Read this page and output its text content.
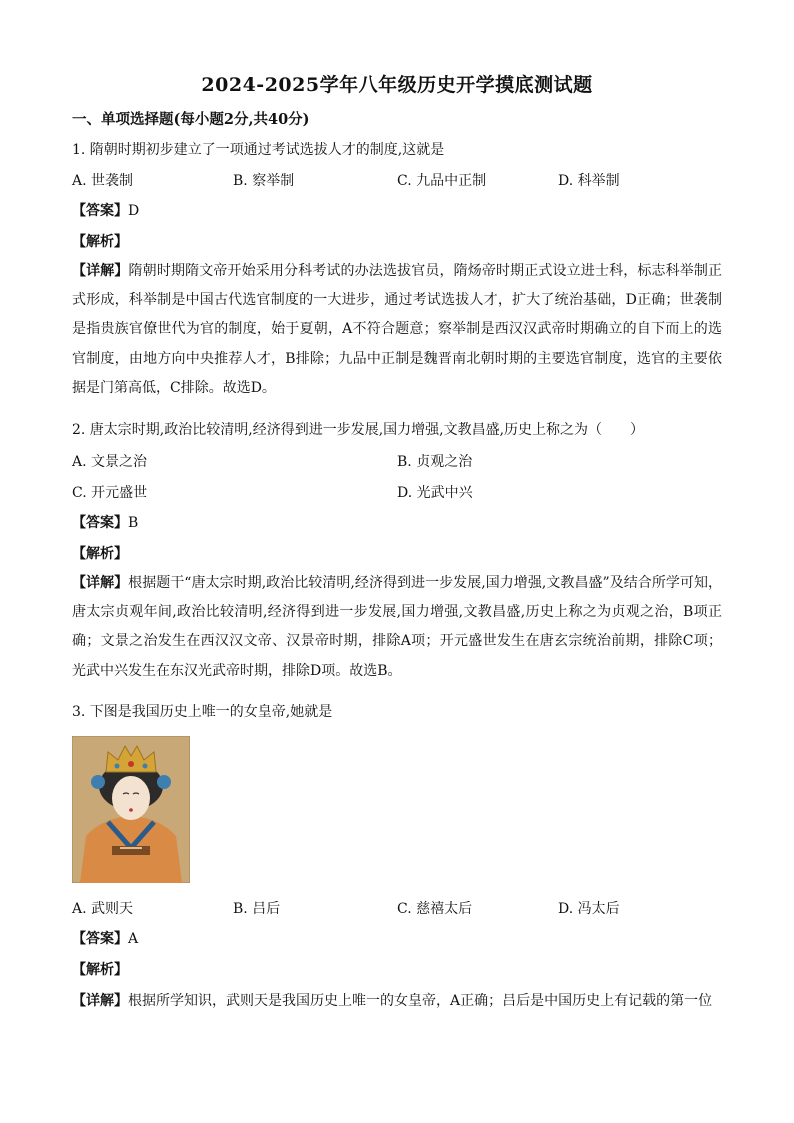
2024-2025学年八年级历史开学摸底测试题
一、单项选择题(每小题2分,共40分)
1. 隋朝时期初步建立了一项通过考试选拔人才的制度,这就是
A. 世袭制	B. 察举制	C. 九品中正制	D. 科举制
【答案】D
【解析】
【详解】隋朝时期隋文帝开始采用分科考试的办法选拔官员，隋炀帝时期正式设立进士科，标志科举制正式形成，科举制是中国古代选官制度的一大进步，通过考试选拔人才，扩大了统治基础，D正确；世袭制是指贵族官僚世代为官的制度，始于夏朝，A不符合题意；察举制是西汉汉武帝时期确立的自下而上的选官制度，由地方向中央推荐人才，B排除；九品中正制是魏晋南北朝时期的主要选官制度，选官的主要依据是门第高低，C排除。故选D。
2. 唐太宗时期,政治比较清明,经济得到进一步发展,国力增强,文教昌盛,历史上称之为（　　）
A. 文景之治	B. 贞观之治
C. 开元盛世	D. 光武中兴
【答案】B
【解析】
【详解】根据题干“唐太宗时期,政治比较清明,经济得到进一步发展,国力增强,文教昌盛”及结合所学可知，唐太宗贞观年间,政治比较清明,经济得到进一步发展,国力增强,文教昌盛,历史上称之为贞观之治，B项正确；文景之治发生在西汉汉文帝、汉景帝时期，排除A项；开元盛世发生在唐玄宗统治前期，排除C项；光武中兴发生在东汉光武帝时期，排除D项。故选B。
3. 下图是我国历史上唯一的女皇帝,她就是
A. 武则天	B. 吕后	C. 慈禧太后	D. 冯太后
【答案】A
【解析】
【详解】根据所学知识，武则天是我国历史上唯一的女皇帝，A正确；吕后是中国历史上有记载的第一位
